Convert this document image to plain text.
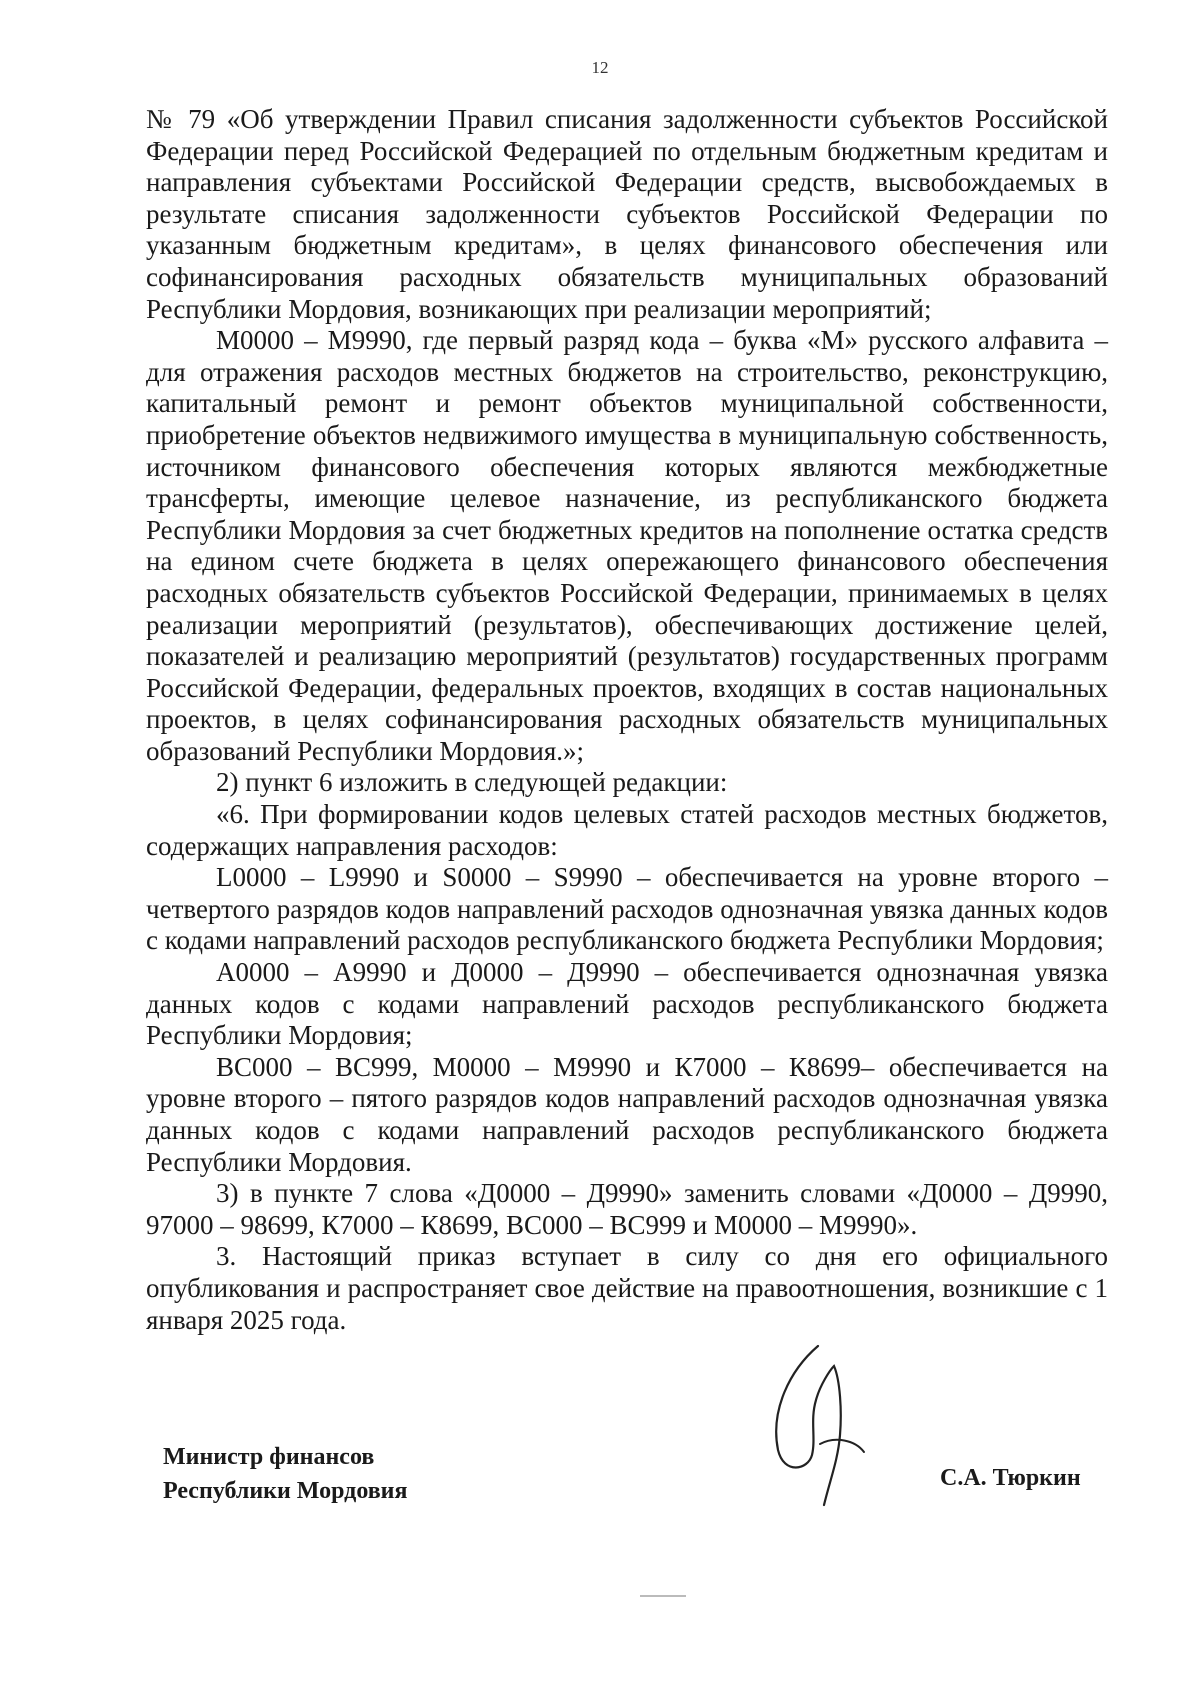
12

№ 79 «Об утверждении Правил списания задолженности субъектов Российской Федерации перед Российской Федерацией по отдельным бюджетным кредитам и направления субъектами Российской Федерации средств, высвобождаемых в результате списания задолженности субъектов Российской Федерации по указанным бюджетным кредитам», в целях финансового обеспечения или софинансирования расходных обязательств муниципальных образований Республики Мордовия, возникающих при реализации мероприятий;

М0000 – М9990, где первый разряд кода – буква «М» русского алфавита – для отражения расходов местных бюджетов на строительство, реконструкцию, капитальный ремонт и ремонт объектов муниципальной собственности, приобретение объектов недвижимого имущества в муниципальную собственность, источником финансового обеспечения которых являются межбюджетные трансферты, имеющие целевое назначение, из республиканского бюджета Республики Мордовия за счет бюджетных кредитов на пополнение остатка средств на едином счете бюджета в целях опережающего финансового обеспечения расходных обязательств субъектов Российской Федерации, принимаемых в целях реализации мероприятий (результатов), обеспечивающих достижение целей, показателей и реализацию мероприятий (результатов) государственных программ Российской Федерации, федеральных проектов, входящих в состав национальных проектов, в целях софинансирования расходных обязательств муниципальных образований Республики Мордовия.»;

2) пункт 6 изложить в следующей редакции:

«6. При формировании кодов целевых статей расходов местных бюджетов, содержащих направления расходов:

L0000 – L9990 и S0000 – S9990 – обеспечивается на уровне второго – четвертого разрядов кодов направлений расходов однозначная увязка данных кодов с кодами направлений расходов республиканского бюджета Республики Мордовия;

А0000 – А9990 и Д0000 – Д9990 – обеспечивается однозначная увязка данных кодов с кодами направлений расходов республиканского бюджета Республики Мордовия;

ВС000 – ВС999, М0000 – М9990 и К7000 – К8699– обеспечивается на уровне второго – пятого разрядов кодов направлений расходов однозначная увязка данных кодов с кодами направлений расходов республиканского бюджета Республики Мордовия.

3) в пункте 7 слова «Д0000 – Д9990» заменить словами «Д0000 – Д9990, 97000 – 98699, К7000 – К8699, ВС000 – ВС999 и М0000 – М9990».

3. Настоящий приказ вступает в силу со дня его официального опубликования и распространяет свое действие на правоотношения, возникшие с 1 января 2025 года.

Министр финансов
Республики Мордовия	С.А. Тюркин
